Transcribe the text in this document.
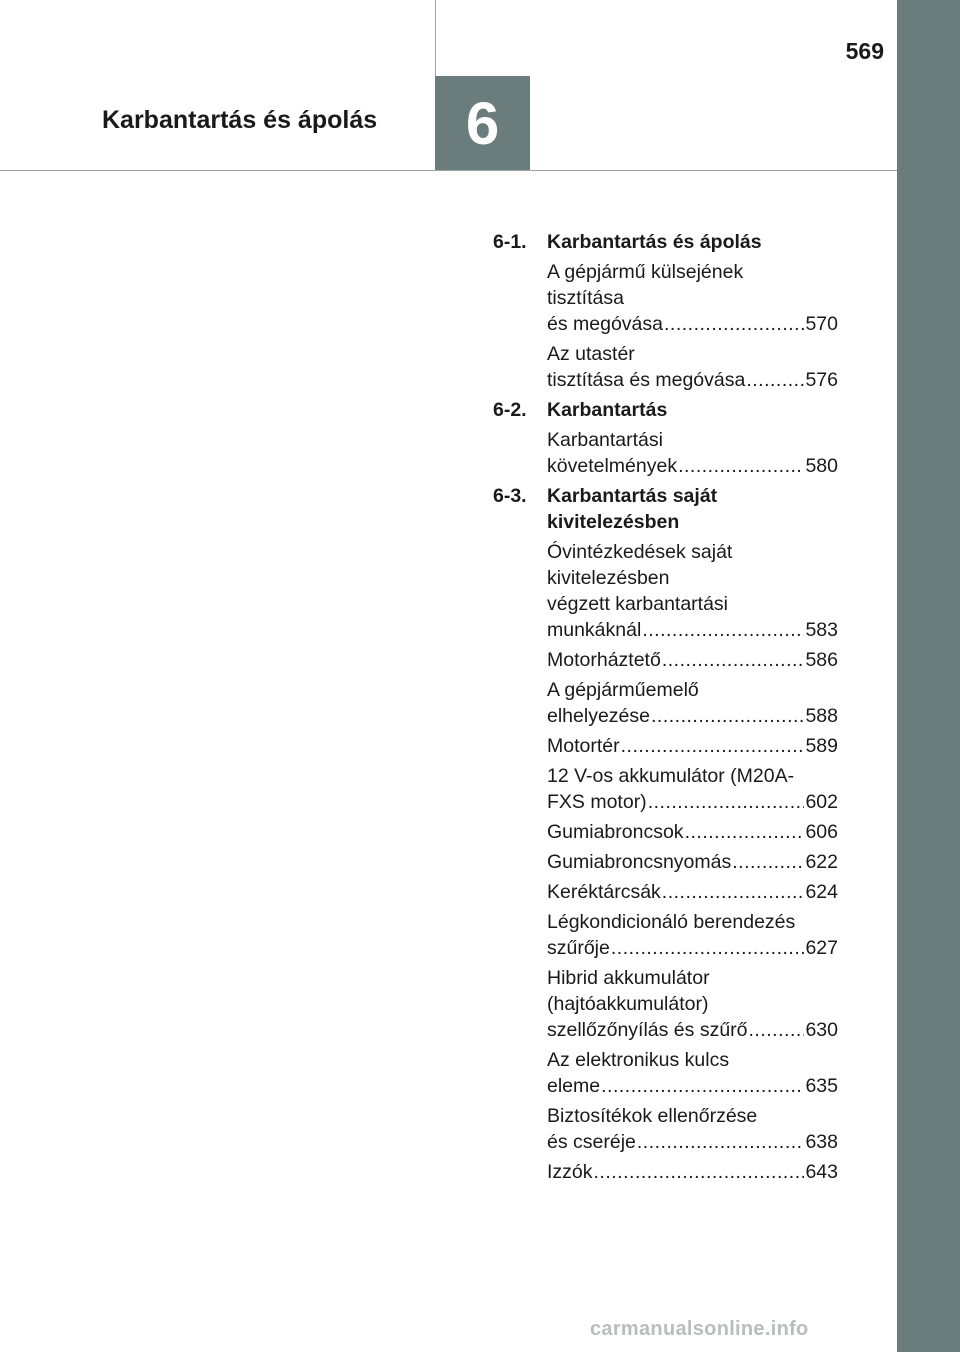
569
Karbantartás és ápolás	6
6-1.	Karbantartás és ápolás
A gépjármű külsejének
tisztítása
és megóvása .....	570
Az utastér
tisztítása és megóvása .....	576
6-2.	Karbantartás
Karbantartási
követelmények .....	580
6-3.	Karbantartás saját
kivitelezésben
Óvintézkedések saját
kivitelezésben
végzett karbantartási
munkáknál .....	583
Motorháztető .....	586
A gépjárműemelő
elhelyezése .....	588
Motortér .....	589
12 V-os akkumulátor (M20A-
FXS motor) .....	602
Gumiabroncsok .....	606
Gumiabroncsnyomás .....	622
Keréktárcsák .....	624
Légkondicionáló berendezés
szűrője .....	627
Hibrid akkumulátor
(hajtóakkumulátor)
szellőzőnyílás és szűrő .....	630
Az elektronikus kulcs
eleme .....	635
Biztosítékok ellenőrzése
és cseréje .....	638
Izzók .....	643
carmanualsonline.info
